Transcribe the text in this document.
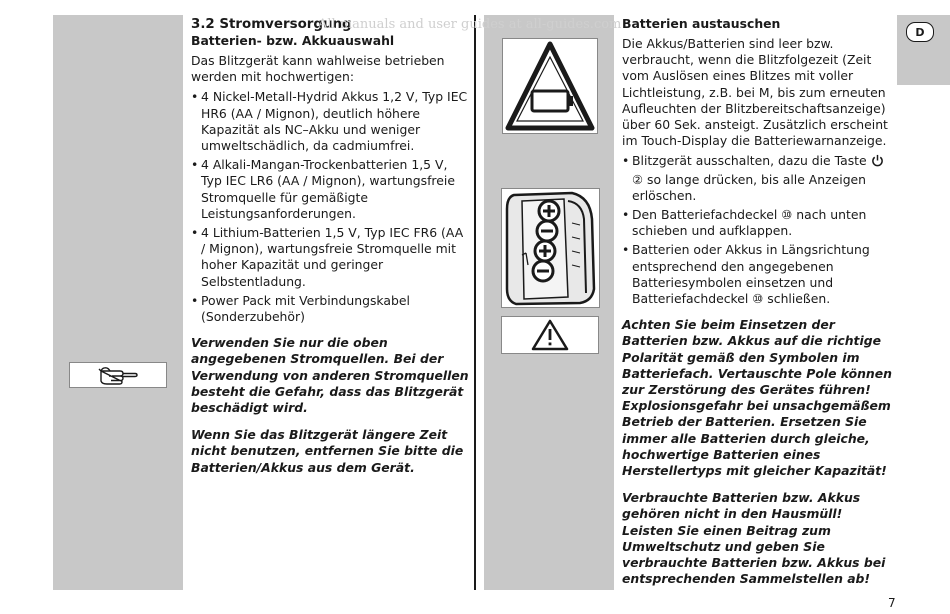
D
3.2 Stromversorgung
Batterien- bzw. Akkuauswahl

Das Blitzgerät kann wahlweise betrieben werden mit hochwertigen:

• 4 Nickel-Metall-Hydrid Akkus 1,2 V, Typ IEC HR6 (AA / Mignon), deutlich höhere Kapazität als NC–Akku und weniger umweltschädlich, da cadmiumfrei.
• 4 Alkali-Mangan-Trockenbatterien 1,5 V, Typ IEC LR6 (AA / Mignon), wartungsfreie Stromquelle für gemäßigte Leistungsanforderungen.
• 4 Lithium-Batterien 1,5 V, Typ IEC FR6 (AA / Mignon), wartungsfreie Stromquelle mit hoher Kapazität und geringer Selbstentladung.
• Power Pack mit Verbindungskabel (Sonderzubehör)

Verwenden Sie nur die oben angegebenen Stromquellen. Bei der Verwendung von anderen Stromquellen besteht die Gefahr, dass das Blitzgerät beschädigt wird.

Wenn Sie das Blitzgerät längere Zeit nicht benutzen, entfernen Sie bitte die Batterien/Akkus aus dem Gerät.

All manuals and user guides at all-guides.com Batterien austauschen

Die Akkus/Batterien sind leer bzw. verbraucht, wenn die Blitzfolgezeit (Zeit vom Auslösen eines Blitzes mit voller Lichtleistung, z.B. bei M, bis zum erneuten Aufleuchten der Blitzbereitschaftsanzeige) über 60 Sek. ansteigt. Zusätzlich erscheint im Touch-Display die Batteriewarnanzeige.

• Blitzgerät ausschalten, dazu die Taste  ② so lange drücken, bis alle Anzeigen erlöschen.
• Den Batteriefachdeckel ⑩ nach unten schieben und aufklappen.
• Batterien oder Akkus in Längsrichtung entsprechend den angegebenen Batteriesymbolen einsetzen und Batteriefachdeckel ⑩ schließen.

Achten Sie beim Einsetzen der Batterien bzw. Akkus auf die richtige Polarität gemäß den Symbolen im Batteriefach. Vertauschte Pole können zur Zerstörung des Gerätes führen! Explosionsgefahr bei unsachgemäßem Betrieb der Batterien. Ersetzen Sie immer alle Batterien durch gleiche, hochwertige Batterien eines Herstellertyps mit gleicher Kapazität!

Verbrauchte Batterien bzw. Akkus gehören nicht in den Hausmüll! Leisten Sie einen Beitrag zum Umweltschutz und geben Sie verbrauchte Batterien bzw. Akkus bei entsprechenden Sammelstellen ab!

7
